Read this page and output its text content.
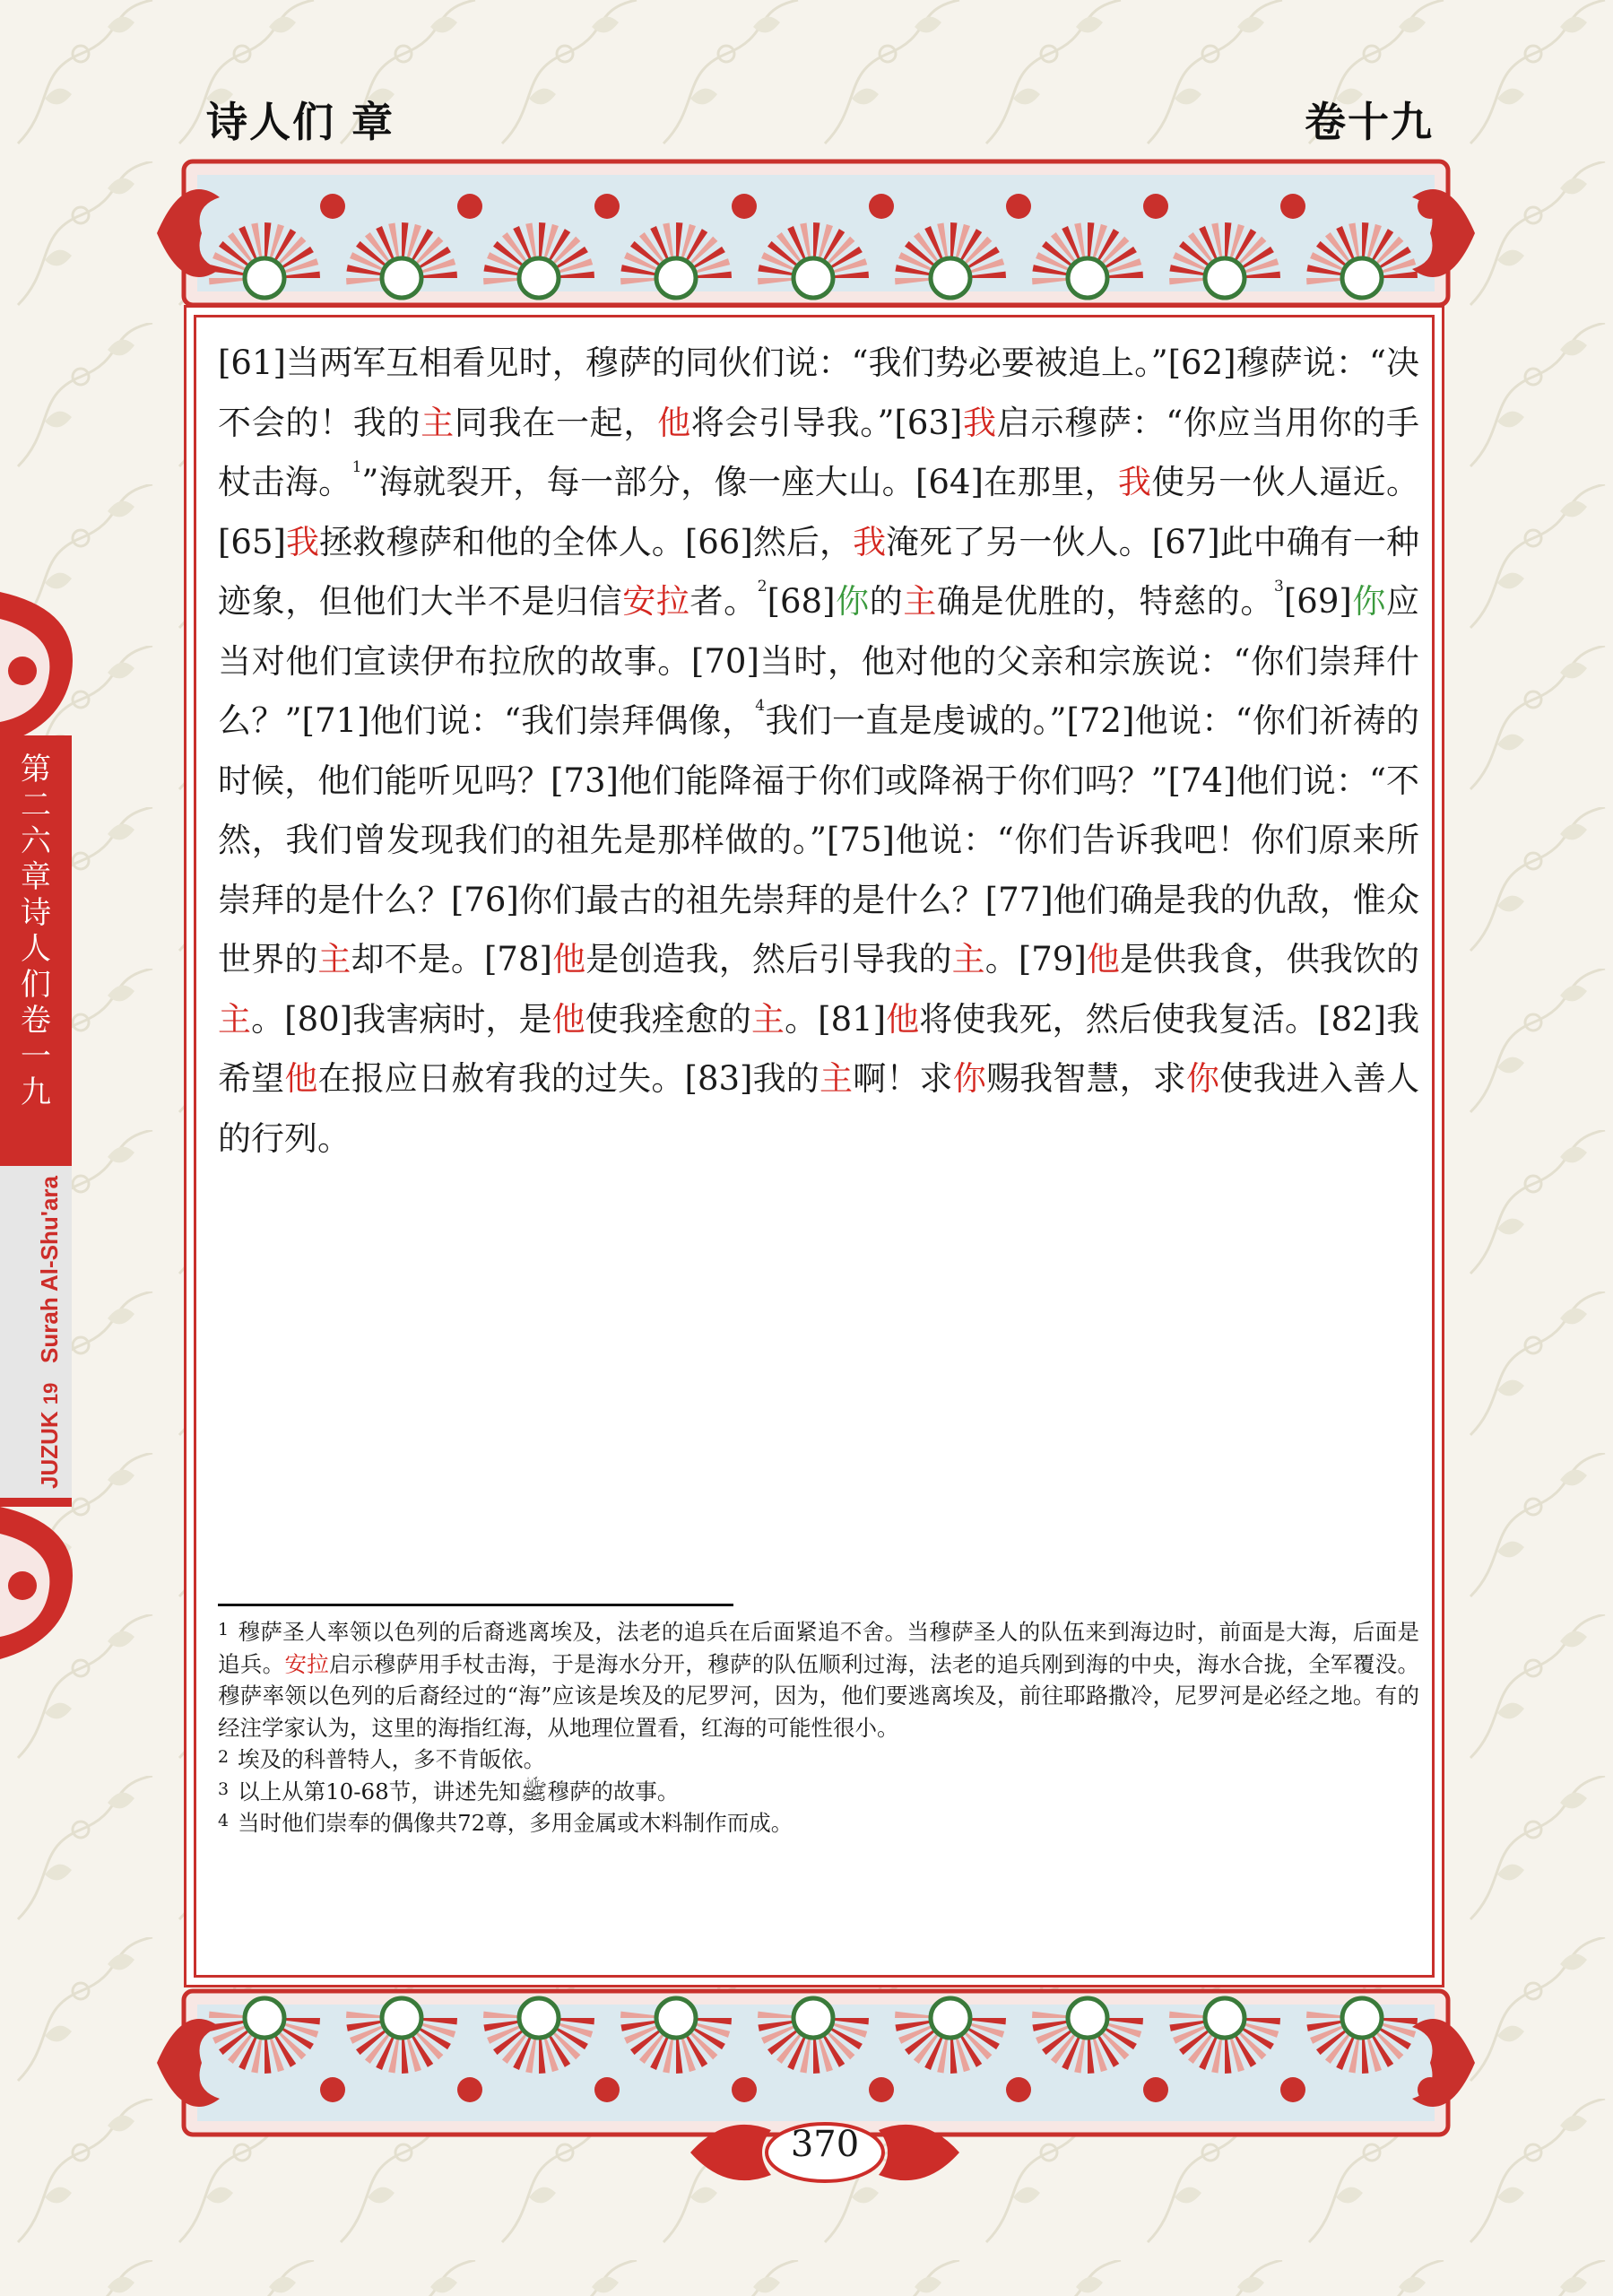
诗人们 章	卷十九
[61]当两军互相看见时，穆萨的同伙们说：“我们势必要被追上。”[62]穆萨说：“决不会的！我的主同我在一起，他将会引导我。”[63]我启示穆萨：“你应当用你的手杖击海。$^1$”海就裂开，每一部分，像一座大山。[64]在那里，我使另一伙人逼近。[65]我拯救穆萨和他的全体人。[66]然后，我淹死了另一伙人。[67]此中确有一种迹象，但他们大半不是归信安拉者。$^2$[68]你的主确是优胜的，特慈的。$^3$[69]你应当对他们宣读伊布拉欣的故事。[70]当时，他对他的父亲和宗族说：“你们崇拜什么？”[71]他们说：“我们崇拜偶像，$^4$我们一直是虔诚的。”[72]他说：“你们祈祷的时候，他们能听见吗？[73]他们能降福于你们或降祸于你们吗？”[74]他们说：“不然，我们曾发现我们的祖先是那样做的。”[75]他说：“你们告诉我吧！你们原来所崇拜的是什么？[76]你们最古的祖先崇拜的是什么？[77]他们确是我的仇敌，惟众世界的主却不是。[78]他是创造我，然后引导我的主。[79]他是供我食，供我饮的主。[80]我害病时，是他使我痊愈的主。[81]他将使我死，然后使我复活。[82]我希望他在报应日赦宥我的过失。[83]我的主啊！求你赐我智慧，求你使我进入善人的行列。

$^1$ 穆萨圣人率领以色列的后裔逃离埃及，法老的追兵在后面紧追不舍。当穆萨圣人的队伍来到海边时，前面是大海，后面是追兵。安拉启示穆萨用手杖击海，于是海水分开，穆萨的队伍顺利过海，法老的追兵刚到海的中央，海水合拢，全军覆没。穆萨率领以色列的后裔经过的“海”应该是埃及的尼罗河，因为，他们要逃离埃及，前往耶路撒冷，尼罗河是必经之地。有的经注学家认为，这里的海指红海，从地理位置看，红海的可能性很小。

$^2$ 埃及的科普特人，多不肯皈依。

$^3$ 以上从第10-68节，讲述先知ﷺ穆萨的故事。

$^4$ 当时他们崇奉的偶像共72尊，多用金属或木料制作而成。

第二六章 诗人们 卷一九
JUZUK 19   Surah Al-Shu'ara
370
